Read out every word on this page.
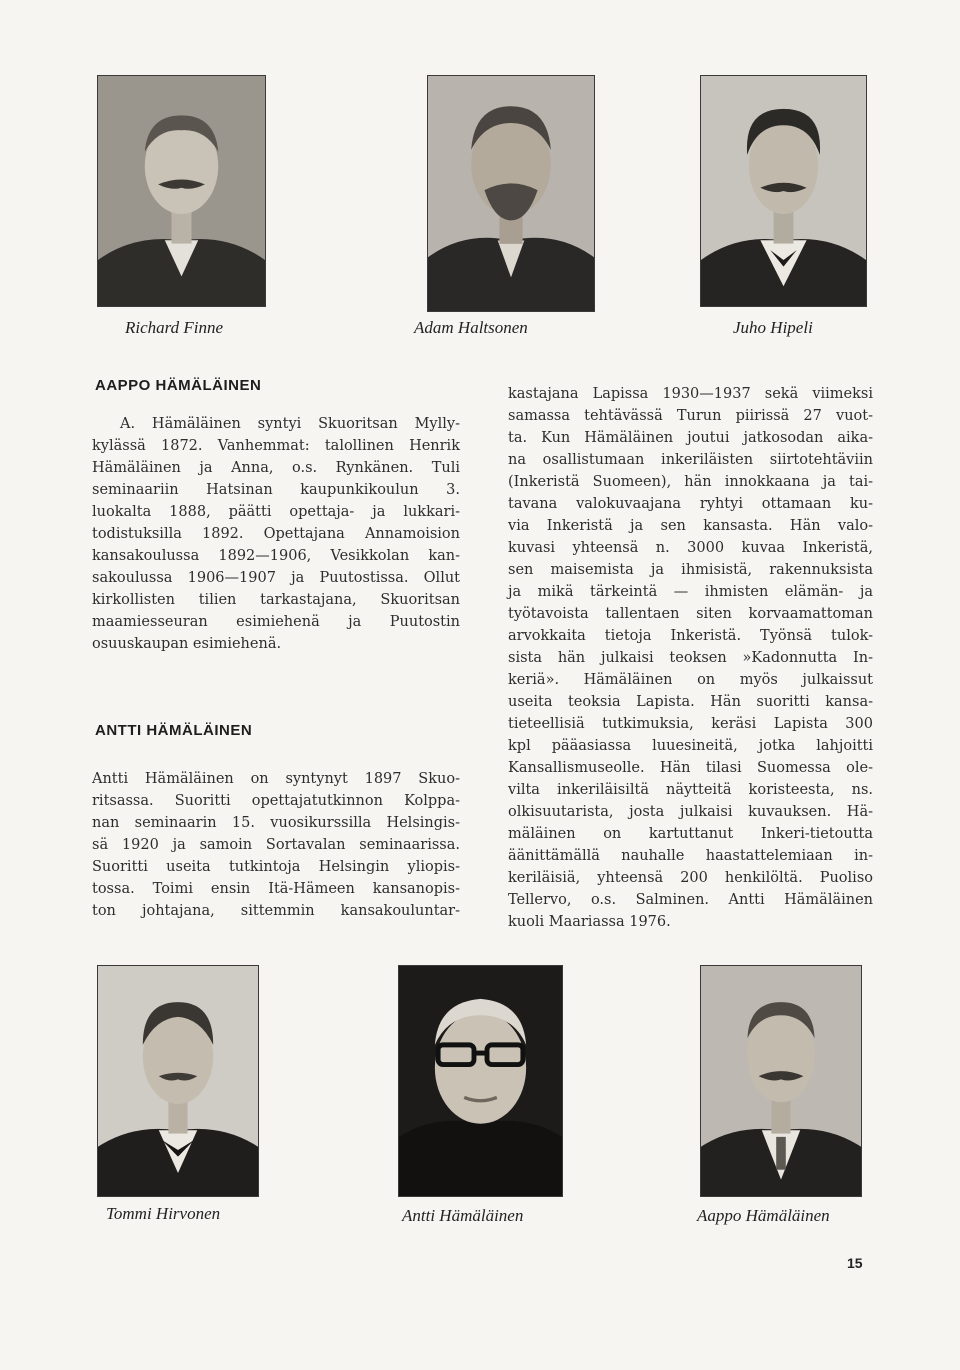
Richard Finne	Adam Haltsonen	Juho Hipeli
AAPPO HÄMÄLÄINEN
A. Hämäläinen syntyi Skuoritsan Mylly-
kylässä 1872. Vanhemmat: talollinen Henrik
Hämäläinen ja Anna, o.s. Rynkänen. Tuli
seminaariin Hatsinan kaupunkikoulun 3.
luokalta 1888, päätti opettaja- ja lukkari-
todistuksilla 1892. Opettajana Annamoision
kansakoulussa 1892—1906, Vesikkolan kan-
sakoulussa 1906—1907 ja Puutostissa. Ollut
kirkollisten tilien tarkastajana, Skuoritsan
maamiesseuran esimiehenä ja Puutostin
osuuskaupan esimiehenä.
ANTTI HÄMÄLÄINEN
Antti Hämäläinen on syntynyt 1897 Skuo-
ritsassa. Suoritti opettajatutkinnon Kolppa-
nan seminaarin 15. vuosikurssilla Helsingis-
sä 1920 ja samoin Sortavalan seminaarissa.
Suoritti useita tutkintoja Helsingin yliopis-
tossa. Toimi ensin Itä-Hämeen kansanopis-
ton johtajana, sittemmin kansakouluntar-
kastajana Lapissa 1930—1937 sekä viimeksi
samassa tehtävässä Turun piirissä 27 vuot-
ta. Kun Hämäläinen joutui jatkosodan aika-
na osallistumaan inkeriläisten siirtotehtäviin
(Inkeristä Suomeen), hän innokkaana ja tai-
tavana valokuvaajana ryhtyi ottamaan ku-
via Inkeristä ja sen kansasta. Hän valo-
kuvasi yhteensä n. 3000 kuvaa Inkeristä,
sen maisemista ja ihmisistä, rakennuksista
ja mikä tärkeintä — ihmisten elämän- ja
työtavoista tallentaen siten korvaamattoman
arvokkaita tietoja Inkeristä. Työnsä tulok-
sista hän julkaisi teoksen »Kadonnutta In-
keriä». Hämäläinen on myös julkaissut
useita teoksia Lapista. Hän suoritti kansa-
tieteellisiä tutkimuksia, keräsi Lapista 300
kpl pääasiassa luuesineitä, jotka lahjoitti
Kansallismuseolle. Hän tilasi Suomessa ole-
vilta inkeriläisiltä näytteitä koristeesta, ns.
olkisuutarista, josta julkaisi kuvauksen. Hä-
mäläinen on kartuttanut Inkeri-tietoutta
äänittämällä nauhalle haastattelemiaan in-
keriläisiä, yhteensä 200 henkilöltä. Puoliso
Tellervo, o.s. Salminen. Antti Hämäläinen
kuoli Maariassa 1976.
Tommi Hirvonen	Antti Hämäläinen	Aappo Hämäläinen
15
